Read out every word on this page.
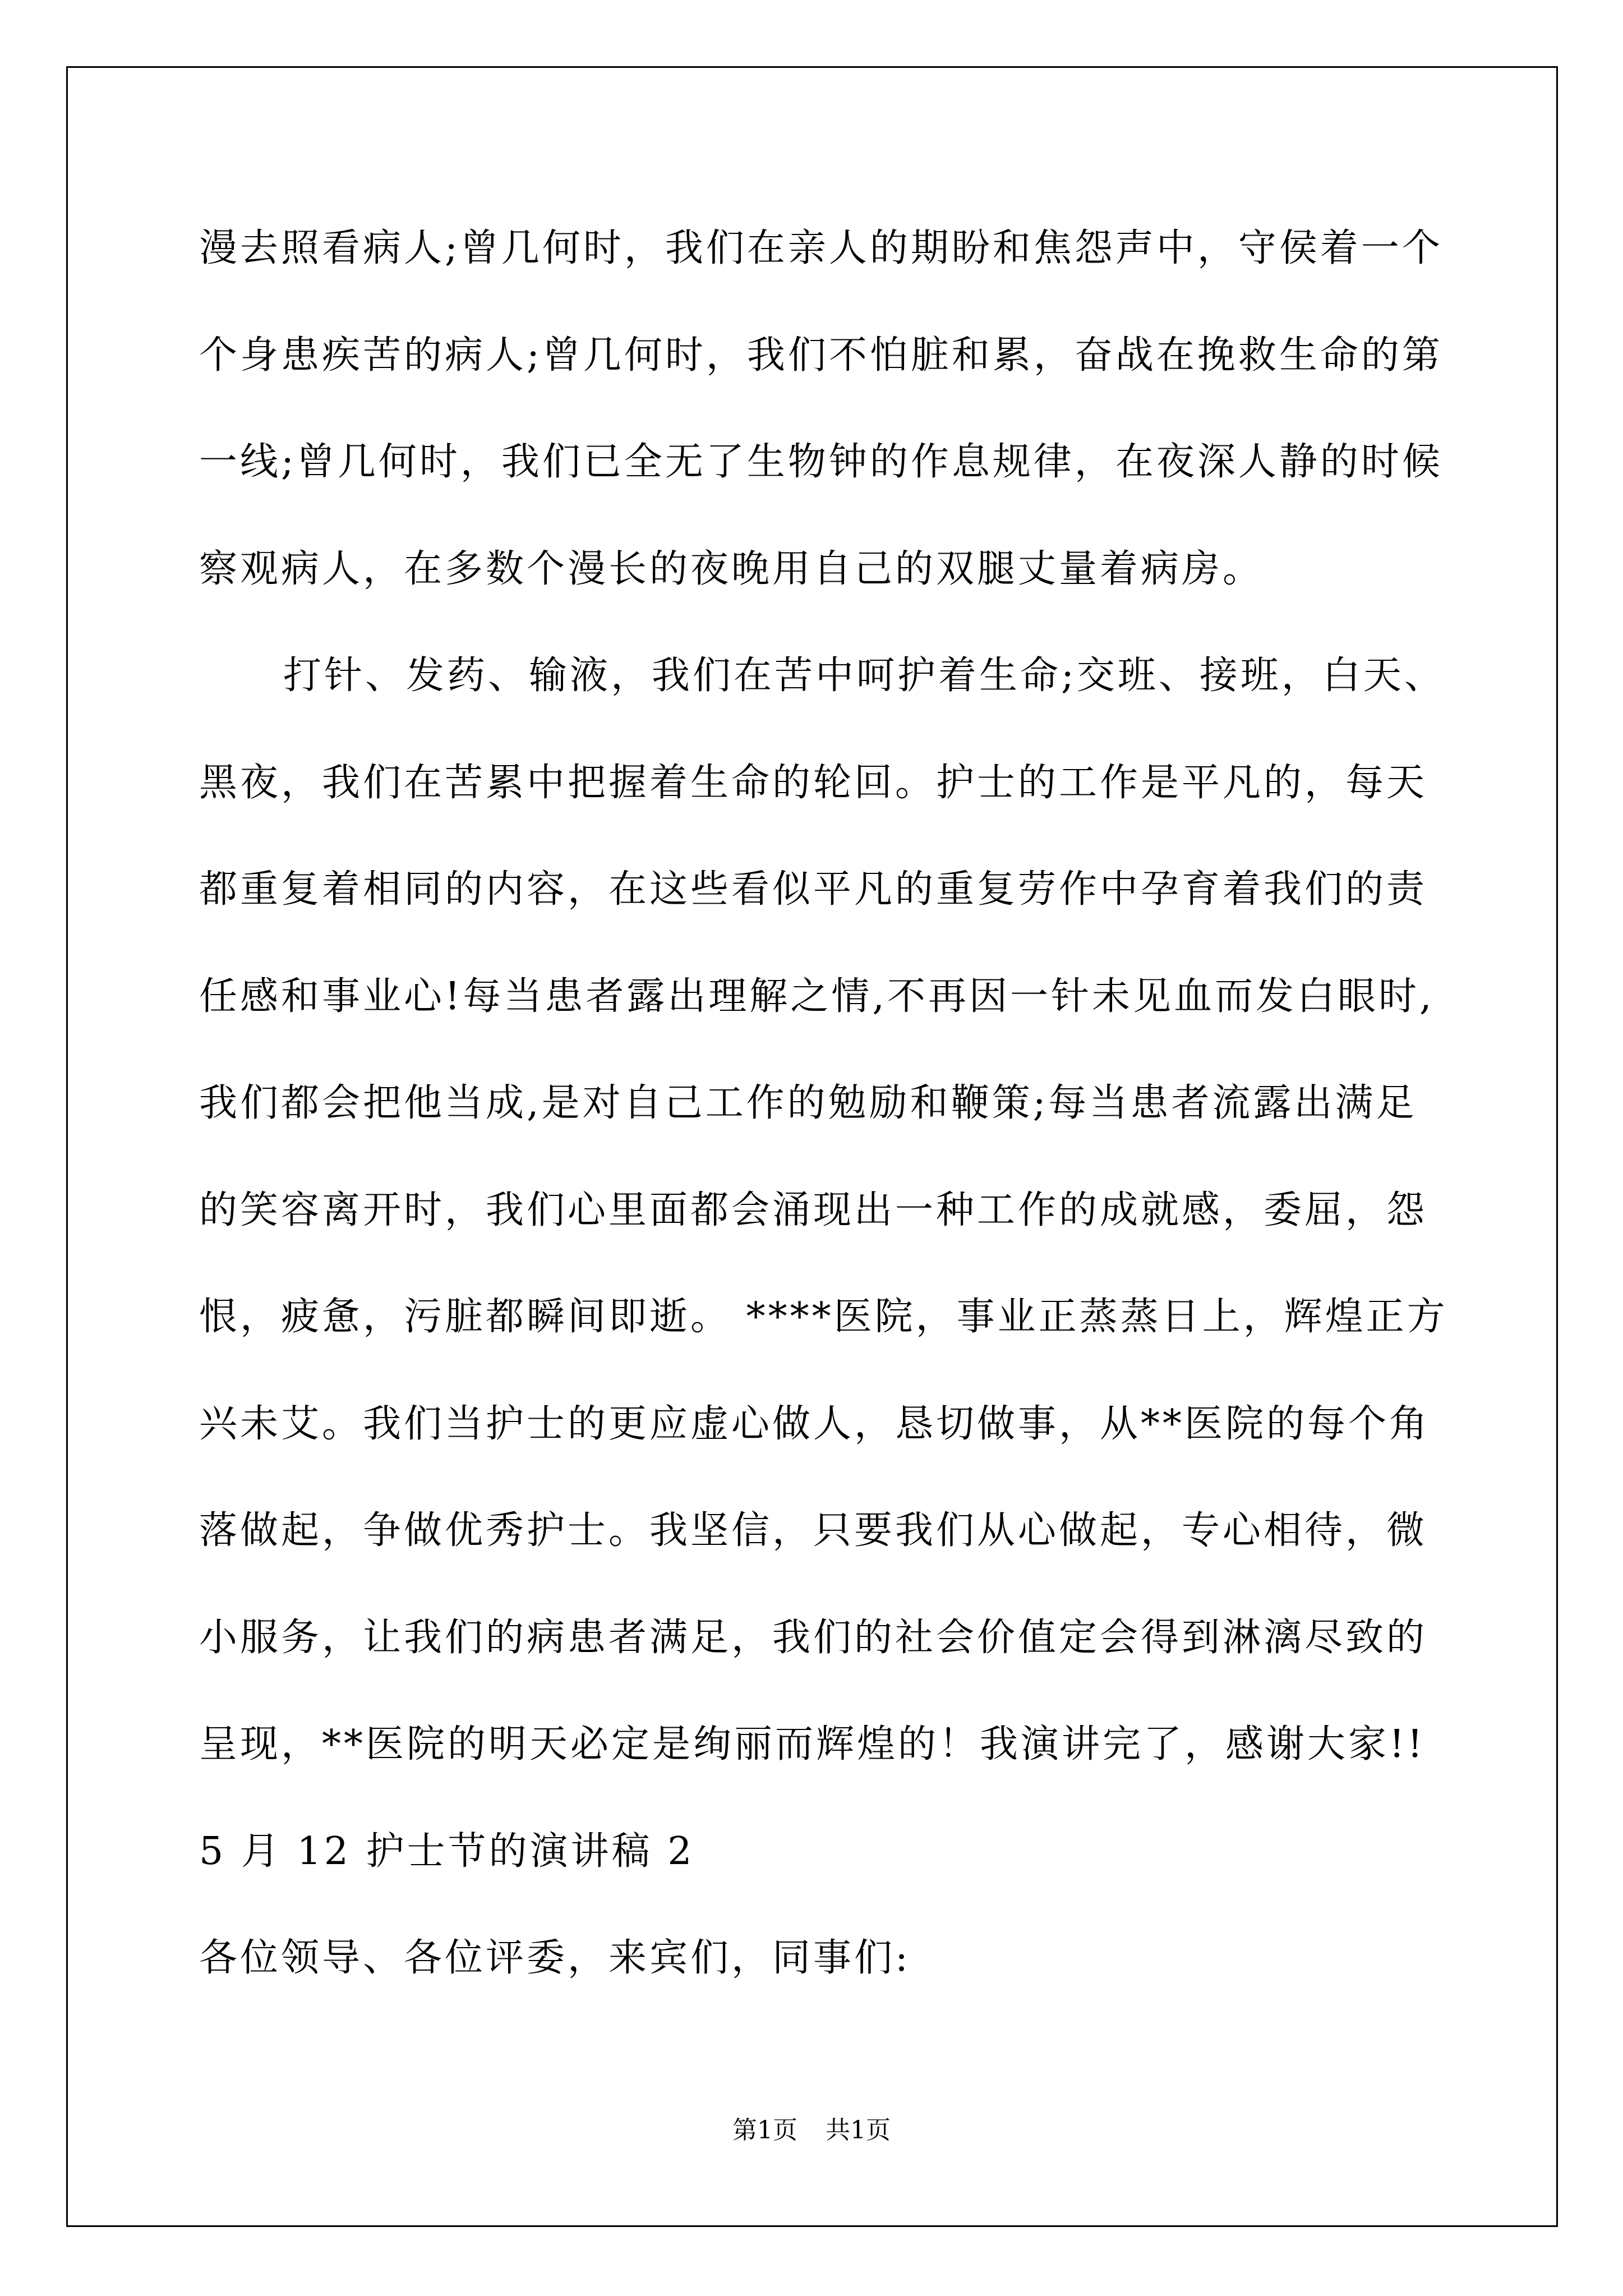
漫去照看病人;曾几何时，我们在亲人的期盼和焦怨声中，守侯着一个
个身患疾苦的病人;曾几何时，我们不怕脏和累，奋战在挽救生命的第
一线;曾几何时，我们已全无了生物钟的作息规律，在夜深人静的时候
察观病人，在多数个漫长的夜晚用自己的双腿丈量着病房。
打针、发药、输液，我们在苦中呵护着生命;交班、接班，白天、
黑夜，我们在苦累中把握着生命的轮回。护士的工作是平凡的，每天
都重复着相同的内容，在这些看似平凡的重复劳作中孕育着我们的责
任感和事业心!每当患者露出理解之情,不再因一针未见血而发白眼时,
我们都会把他当成,是对自己工作的勉励和鞭策;每当患者流露出满足
的笑容离开时，我们心里面都会涌现出一种工作的成就感，委屈，怨
恨，疲惫，污脏都瞬间即逝。 ****医院，事业正蒸蒸日上，辉煌正方
兴未艾。我们当护士的更应虚心做人，恳切做事，从**医院的每个角
落做起，争做优秀护士。我坚信，只要我们从心做起，专心相待，微
小服务，让我们的病患者满足，我们的社会价值定会得到淋漓尽致的
呈现，**医院的明天必定是绚丽而辉煌的！我演讲完了，感谢大家!!
5 月 12 护士节的演讲稿 2
各位领导、各位评委，来宾们，同事们:
第1页 共1页
